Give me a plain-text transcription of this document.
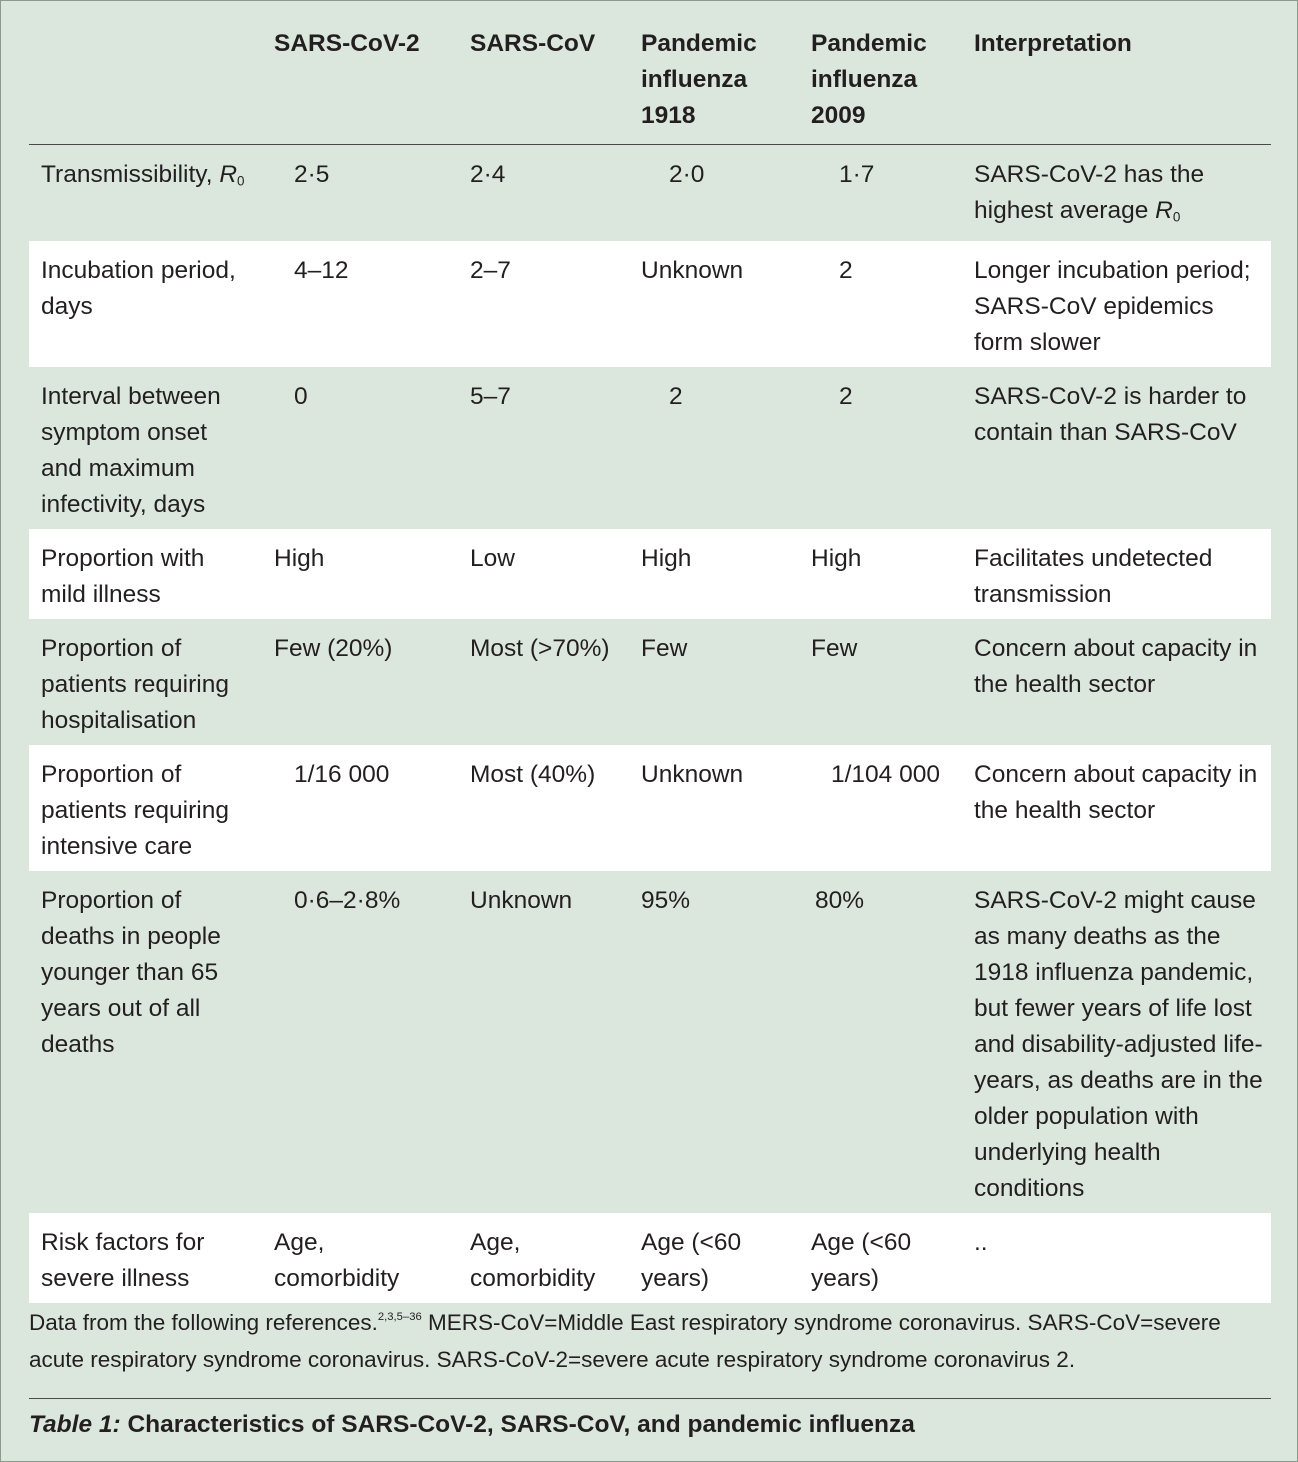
	SARS-CoV-2	SARS-CoV	Pandemic influenza 1918	Pandemic influenza 2009	Interpretation
Transmissibility, $R_0$	2·5	2·4	2·0	1·7	SARS-CoV-2 has the highest average $R_0$
Incubation period, days	4–12	2–7	Unknown	2	Longer incubation period; SARS-CoV epidemics form slower
Interval between symptom onset and maximum infectivity, days	0	5–7	2	2	SARS-CoV-2 is harder to contain than SARS-CoV
Proportion with mild illness	High	Low	High	High	Facilitates undetected transmission
Proportion of patients requiring hospitalisation	Few (20%)	Most (>70%)	Few	Few	Concern about capacity in the health sector
Proportion of patients requiring intensive care	1/16 000	Most (40%)	Unknown	1/104 000	Concern about capacity in the health sector
Proportion of deaths in people younger than 65 years out of all deaths	0·6–2·8%	Unknown	95%	80%	SARS-CoV-2 might cause as many deaths as the 1918 influenza pandemic, but fewer years of life lost and disability-adjusted life-years, as deaths are in the older population with underlying health conditions
Risk factors for severe illness	Age, comorbidity	Age, comorbidity	Age (<60 years)	Age (<60 years)	..

Data from the following references.$^{2,3,5-36}$ MERS-CoV=Middle East respiratory syndrome coronavirus. SARS-CoV=severe acute respiratory syndrome coronavirus. SARS-CoV-2=severe acute respiratory syndrome coronavirus 2.

Table 1: Characteristics of SARS-CoV-2, SARS-CoV, and pandemic influenza
